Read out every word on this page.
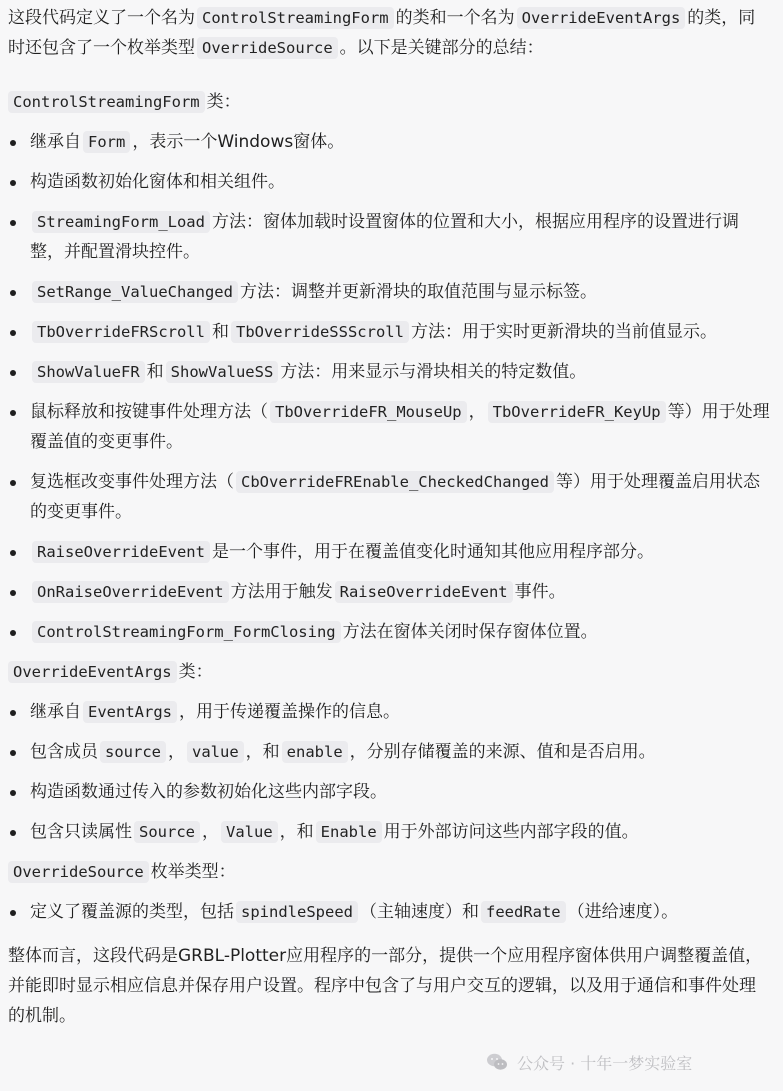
这段代码定义了一个名为 ControlStreamingForm 的类和一个名为 OverrideEventArgs 的类，同时还包含了一个枚举类型 OverrideSource 。以下是关键部分的总结：

ControlStreamingForm 类：

继承自 Form ，表示一个Windows窗体。
构造函数初始化窗体和相关组件。
StreamingForm_Load 方法：窗体加载时设置窗体的位置和大小，根据应用程序的设置进行调整，并配置滑块控件。
SetRange_ValueChanged 方法：调整并更新滑块的取值范围与显示标签。
TbOverrideFRScroll 和 TbOverrideSSScroll 方法：用于实时更新滑块的当前值显示。
ShowValueFR 和 ShowValueSS 方法：用来显示与滑块相关的特定数值。
鼠标释放和按键事件处理方法（ TbOverrideFR_MouseUp ， TbOverrideFR_KeyUp 等）用于处理覆盖值的变更事件。
复选框改变事件处理方法（ CbOverrideFREnable_CheckedChanged 等）用于处理覆盖启用状态的变更事件。
RaiseOverrideEvent 是一个事件，用于在覆盖值变化时通知其他应用程序部分。
OnRaiseOverrideEvent 方法用于触发 RaiseOverrideEvent 事件。
ControlStreamingForm_FormClosing 方法在窗体关闭时保存窗体位置。

OverrideEventArgs 类：

继承自 EventArgs ，用于传递覆盖操作的信息。
包含成员 source ， value ，和 enable ，分别存储覆盖的来源、值和是否启用。
构造函数通过传入的参数初始化这些内部字段。
包含只读属性 Source ， Value ，和 Enable 用于外部访问这些内部字段的值。

OverrideSource 枚举类型：

定义了覆盖源的类型，包括 spindleSpeed （主轴速度）和 feedRate （进给速度）。

整体而言，这段代码是GRBL-Plotter应用程序的一部分，提供一个应用程序窗体供用户调整覆盖值，并能即时显示相应信息并保存用户设置。程序中包含了与用户交互的逻辑，以及用于通信和事件处理的机制。

公众号 · 十年一梦实验室
